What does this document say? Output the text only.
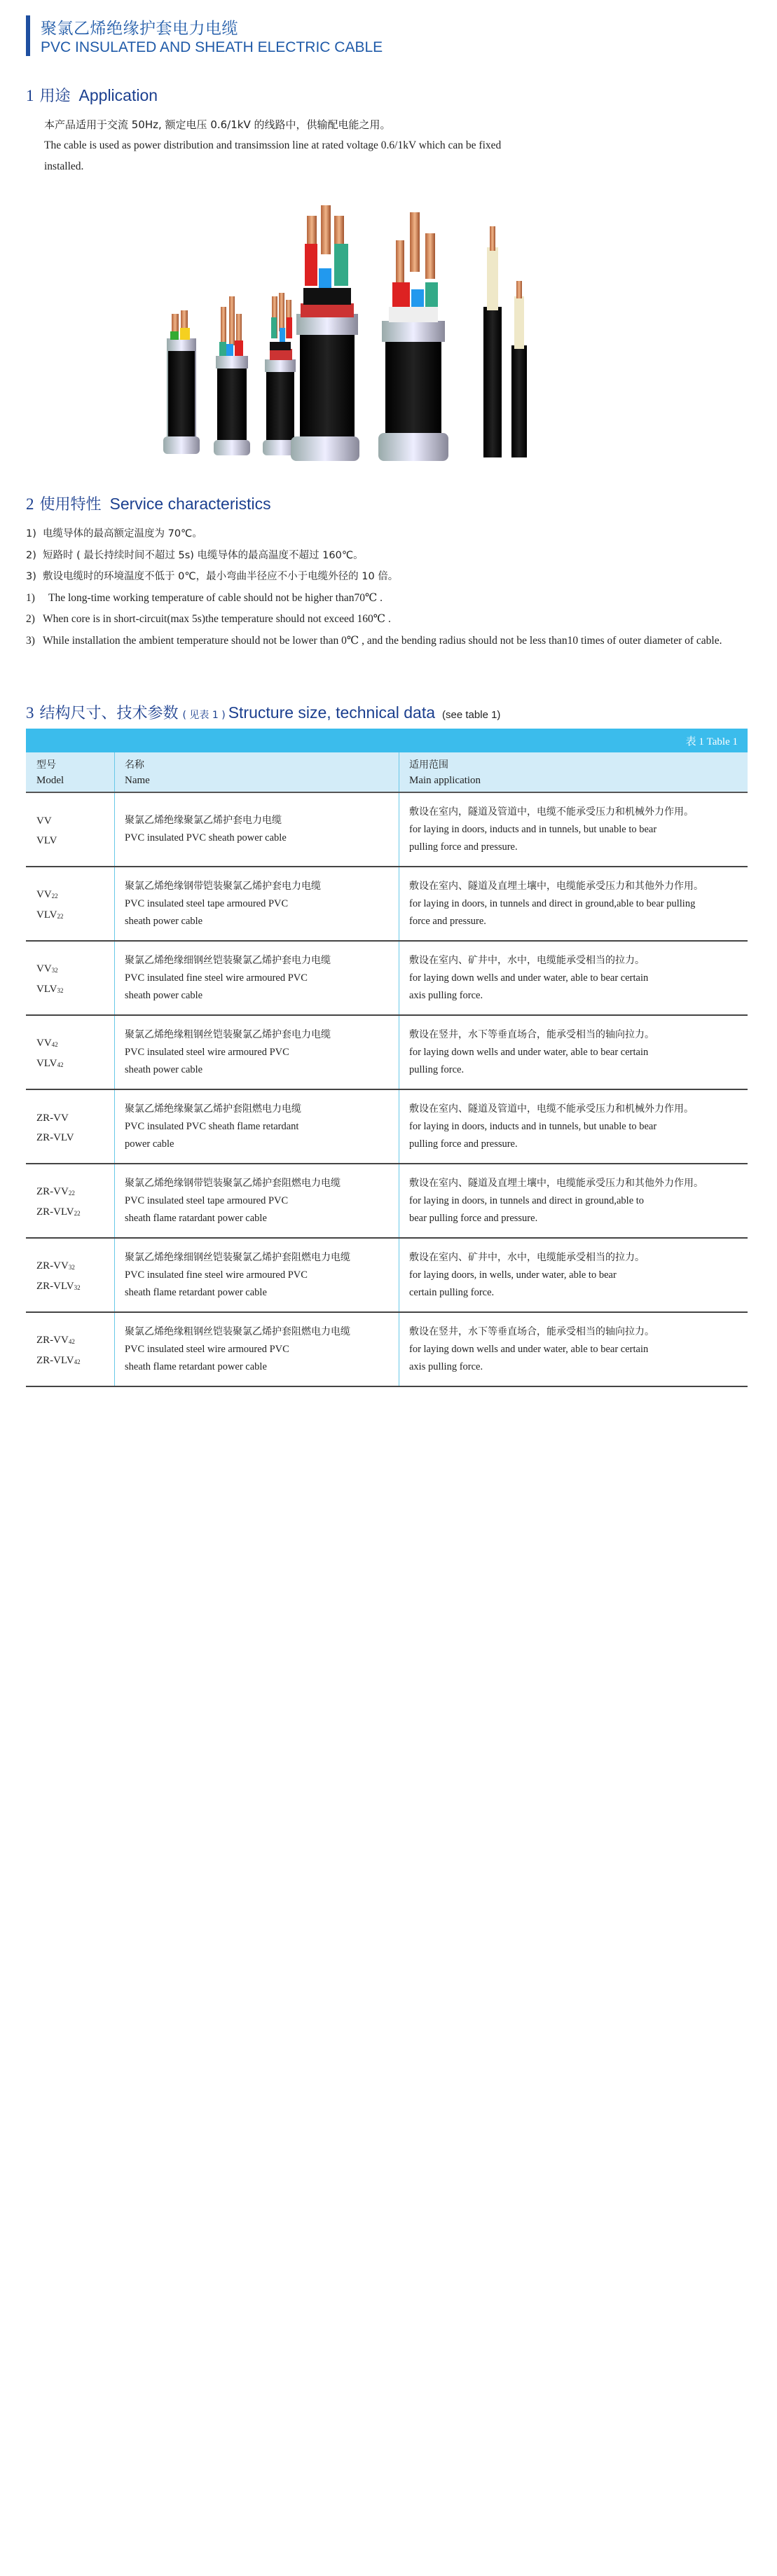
聚氯乙烯绝缘护套电力电缆
PVC INSULATED AND SHEATH ELECTRIC CABLE
1 用途 Application
本产品适用于交流 50Hz, 额定电压 0.6/1kV 的线路中，供输配电能之用。
The cable is used as power distribution and transimssion line at rated voltage 0.6/1kV which can be fixed installed.
2 使用特性 Service characteristics
1) 电缆导体的最高额定温度为 70℃。
2) 短路时 ( 最长持续时间不超过 5s) 电缆导体的最高温度不超过 160℃。
3) 敷设电缆时的环境温度不低于 0℃，最小弯曲半径应不小于电缆外径的 10 倍。
1) The long-time working temperature of cable should not be higher than70℃ .
2) When core is in short-circuit(max 5s)the temperature should not exceed 160℃ .
3) While installation the ambient temperature should not be lower than 0℃ , and the bending radius should not be less than10 times of outer diameter of cable.
3 结构尺寸、技术参数 ( 见表 1 ) Structure size, technical data (see table 1)
表 1 Table 1
型号
Model
名称
Name
适用范围
Main application
VV
VLV
聚氯乙烯绝缘聚氯乙烯护套电力电缆
PVC insulated PVC sheath power cable
敷设在室内，隧道及管道中，电缆不能承受压力和机械外力作用。
for laying in doors, inducts and in tunnels, but unable to bear
pulling force and pressure.
$VV_{22}$
$VLV_{22}$
聚氯乙烯绝缘钢带铠装聚氯乙烯护套电力电缆
PVC insulated steel tape armoured PVC
sheath power cable
敷设在室内、隧道及直埋土壤中，电缆能承受压力和其他外力作用。
for laying in doors, in tunnels and direct in ground,able to bear pulling
force and pressure.
$VV_{32}$
$VLV_{32}$
聚氯乙烯绝缘细钢丝铠装聚氯乙烯护套电力电缆
PVC insulated fine steel wire armoured PVC
sheath power cable
敷设在室内、矿井中，水中，电缆能承受相当的拉力。
for laying down wells and under water, able to bear certain
axis pulling force.
$VV_{42}$
$VLV_{42}$
聚氯乙烯绝缘粗钢丝铠装聚氯乙烯护套电力电缆
PVC insulated steel wire armoured PVC
sheath power cable
敷设在竖井，水下等垂直场合，能承受相当的轴向拉力。
for laying down wells and under water, able to bear certain
pulling force.
ZR-VV
ZR-VLV
聚氯乙烯绝缘聚氯乙烯护套阻燃电力电缆
PVC insulated PVC sheath flame retardant
power cable
敷设在室内、隧道及管道中，电缆不能承受压力和机械外力作用。
for laying in doors, inducts and in tunnels, but unable to bear
pulling force and pressure.
$ZR-VV_{22}$
$ZR-VLV_{22}$
聚氯乙烯绝缘钢带铠装聚氯乙烯护套阻燃电力电缆
PVC insulated steel tape armoured PVC
sheath flame ratardant power cable
敷设在室内、隧道及直埋土壤中，电缆能承受压力和其他外力作用。
for laying in doors, in tunnels and direct in ground,able to
bear pulling force and pressure.
$ZR-VV_{32}$
$ZR-VLV_{32}$
聚氯乙烯绝缘细钢丝铠装聚氯乙烯护套阻燃电力电缆
PVC insulated fine steel wire armoured PVC
sheath flame retardant power cable
敷设在室内、矿井中，水中，电缆能承受相当的拉力。
for laying doors, in wells, under water, able to bear
certain pulling force.
$ZR-VV_{42}$
$ZR-VLV_{42}$
聚氯乙烯绝缘粗钢丝铠装聚氯乙烯护套阻燃电力电缆
PVC insulated steel wire armoured PVC
sheath flame retardant power cable
敷设在竖井，水下等垂直场合，能承受相当的轴向拉力。
for laying down wells and under water, able to bear certain
axis pulling force.
